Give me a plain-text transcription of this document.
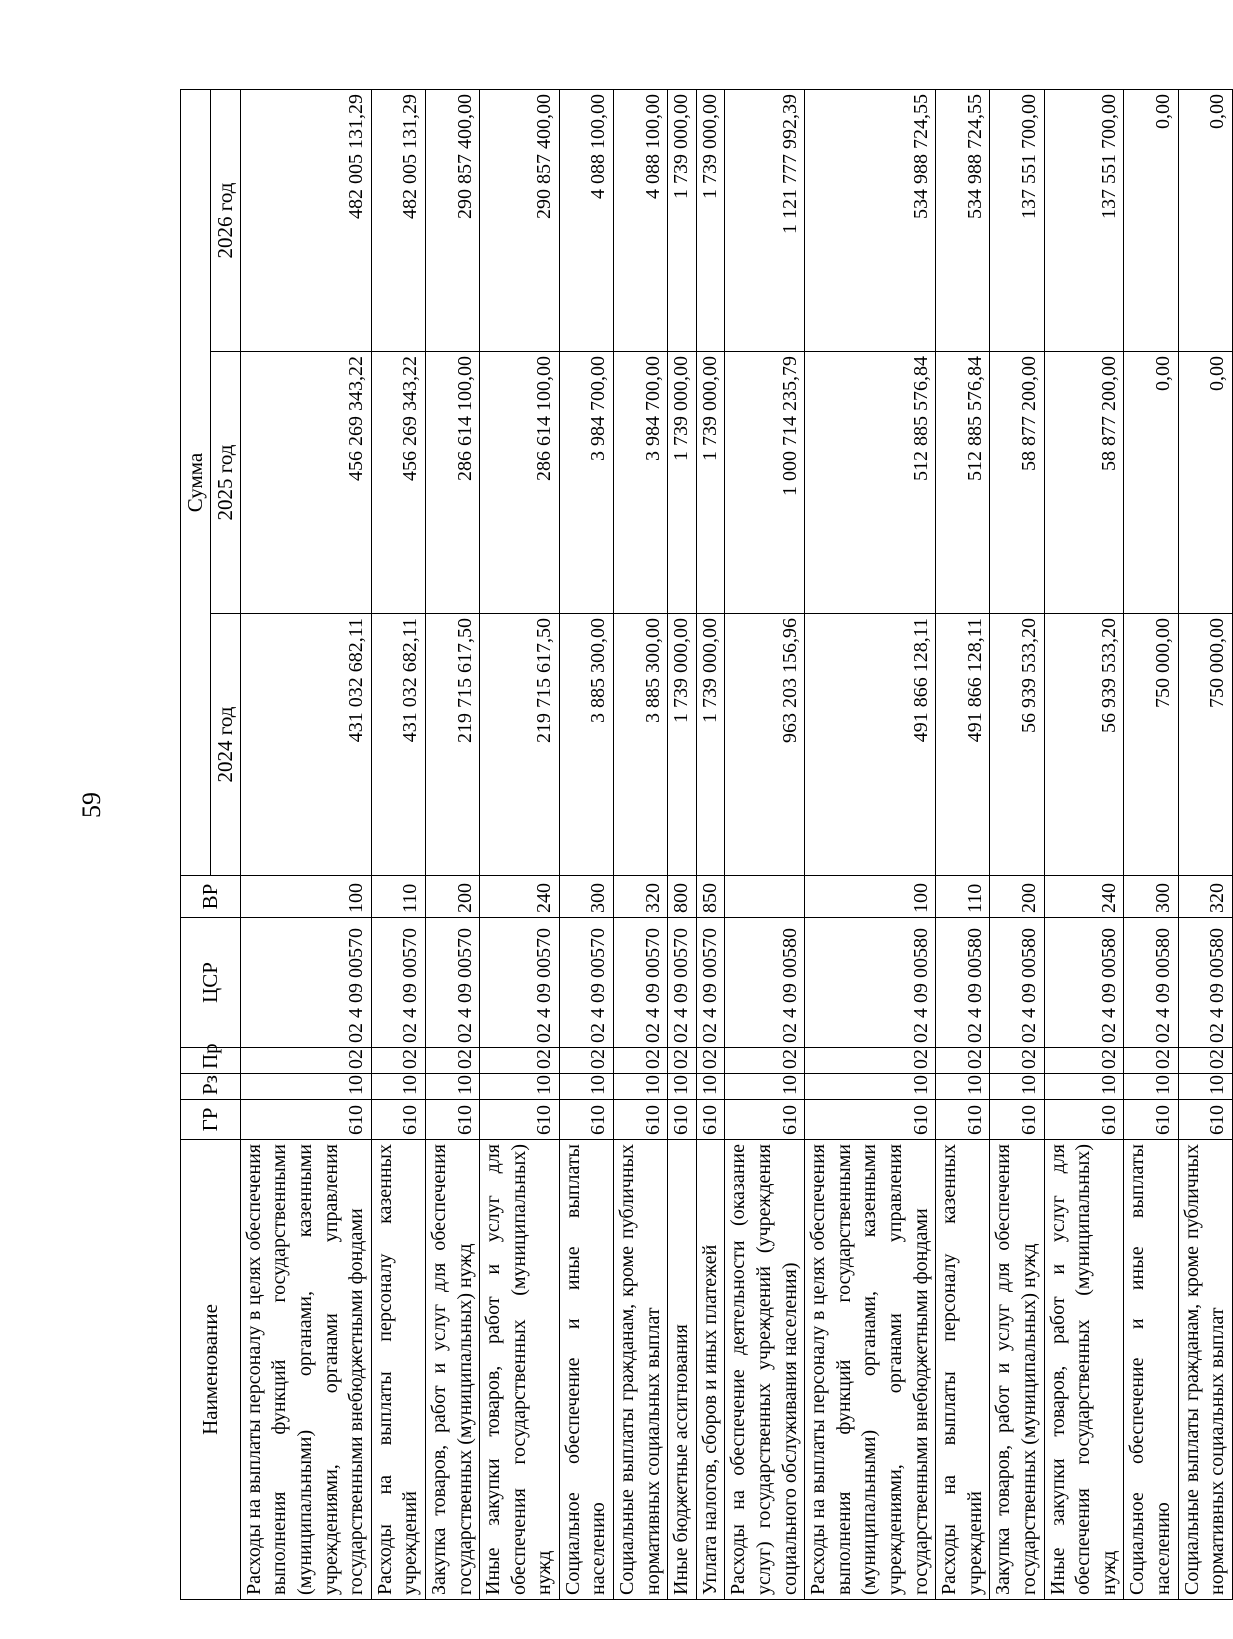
59
Наименование	ГР	Рз	Пр	ЦСР	ВР	Сумма		
						2024 год	2025 год	2026 год
Расходы на выплаты персоналу в целях обеспечения выполнения функций государственными (муниципальными) органами, казенными учреждениями, органами управления государственными внебюджетными фондами	610	10	02	02 4 09 00570	100	431 032 682,11	456 269 343,22	482 005 131,29
Расходы на выплаты персоналу казенных учреждений	610	10	02	02 4 09 00570	110	431 032 682,11	456 269 343,22	482 005 131,29
Закупка товаров, работ и услуг для обеспечения государственных (муниципальных) нужд	610	10	02	02 4 09 00570	200	219 715 617,50	286 614 100,00	290 857 400,00
Иные закупки товаров, работ и услуг для обеспечения государственных (муниципальных) нужд	610	10	02	02 4 09 00570	240	219 715 617,50	286 614 100,00	290 857 400,00
Социальное обеспечение и иные выплаты населению	610	10	02	02 4 09 00570	300	3 885 300,00	3 984 700,00	4 088 100,00
Социальные выплаты гражданам, кроме публичных нормативных социальных выплат	610	10	02	02 4 09 00570	320	3 885 300,00	3 984 700,00	4 088 100,00
Иные бюджетные ассигнования	610	10	02	02 4 09 00570	800	1 739 000,00	1 739 000,00	1 739 000,00
Уплата налогов, сборов и иных платежей	610	10	02	02 4 09 00570	850	1 739 000,00	1 739 000,00	1 739 000,00
Расходы на обеспечение деятельности (оказание услуг) государственных учреждений (учреждения социального обслуживания населения)	610	10	02	02 4 09 00580		963 203 156,96	1 000 714 235,79	1 121 777 992,39
Расходы на выплаты персоналу в целях обеспечения выполнения функций государственными (муниципальными) органами, казенными учреждениями, органами управления государственными внебюджетными фондами	610	10	02	02 4 09 00580	100	491 866 128,11	512 885 576,84	534 988 724,55
Расходы на выплаты персоналу казенных учреждений	610	10	02	02 4 09 00580	110	491 866 128,11	512 885 576,84	534 988 724,55
Закупка товаров, работ и услуг для обеспечения государственных (муниципальных) нужд	610	10	02	02 4 09 00580	200	56 939 533,20	58 877 200,00	137 551 700,00
Иные закупки товаров, работ и услуг для обеспечения государственных (муниципальных) нужд	610	10	02	02 4 09 00580	240	56 939 533,20	58 877 200,00	137 551 700,00
Социальное обеспечение и иные выплаты населению	610	10	02	02 4 09 00580	300	750 000,00	0,00	0,00
Социальные выплаты гражданам, кроме публичных нормативных социальных выплат	610	10	02	02 4 09 00580	320	750 000,00	0,00	0,00
